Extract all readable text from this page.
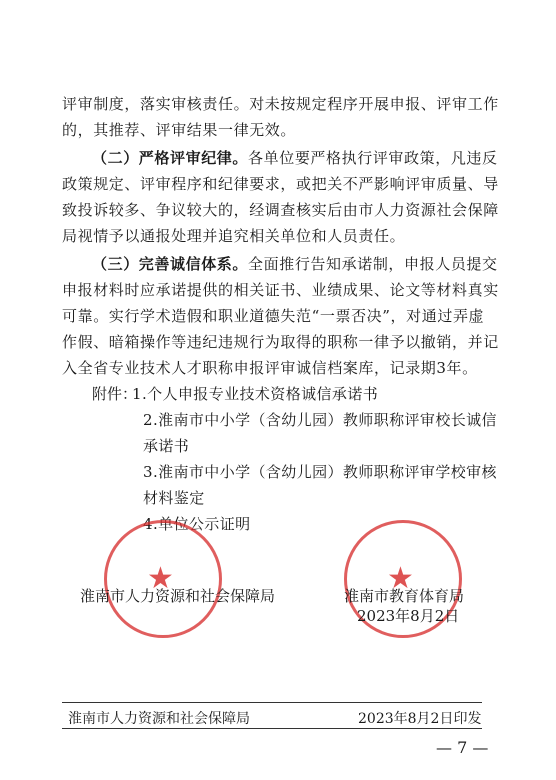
评审制度，落实审核责任。对未按规定程序开展申报、评审工作
的，其推荐、评审结果一律无效。
（二）严格评审纪律。各单位要严格执行评审政策，凡违反
政策规定、评审程序和纪律要求，或把关不严影响评审质量、导
致投诉较多、争议较大的，经调查核实后由市人力资源社会保障
局视情予以通报处理并追究相关单位和人员责任。
（三）完善诚信体系。全面推行告知承诺制，申报人员提交
申报材料时应承诺提供的相关证书、业绩成果、论文等材料真实
可靠。实行学术造假和职业道德失范“一票否决”，对通过弄虚
作假、暗箱操作等违纪违规行为取得的职称一律予以撤销，并记
入全省专业技术人才职称申报评审诚信档案库，记录期3年。
附件：
1.个人申报专业技术资格诚信承诺书
2.淮南市中小学（含幼儿园）教师职称评审校长诚信
承诺书
3.淮南市中小学（含幼儿园）教师职称评审学校审核
材料鉴定
4.单位公示证明
★	★
淮南市人力资源和社会保障局	淮南市教育体育局
2023年8月2日
淮南市人力资源和社会保障局	2023年8月2日印发
— 7 —
